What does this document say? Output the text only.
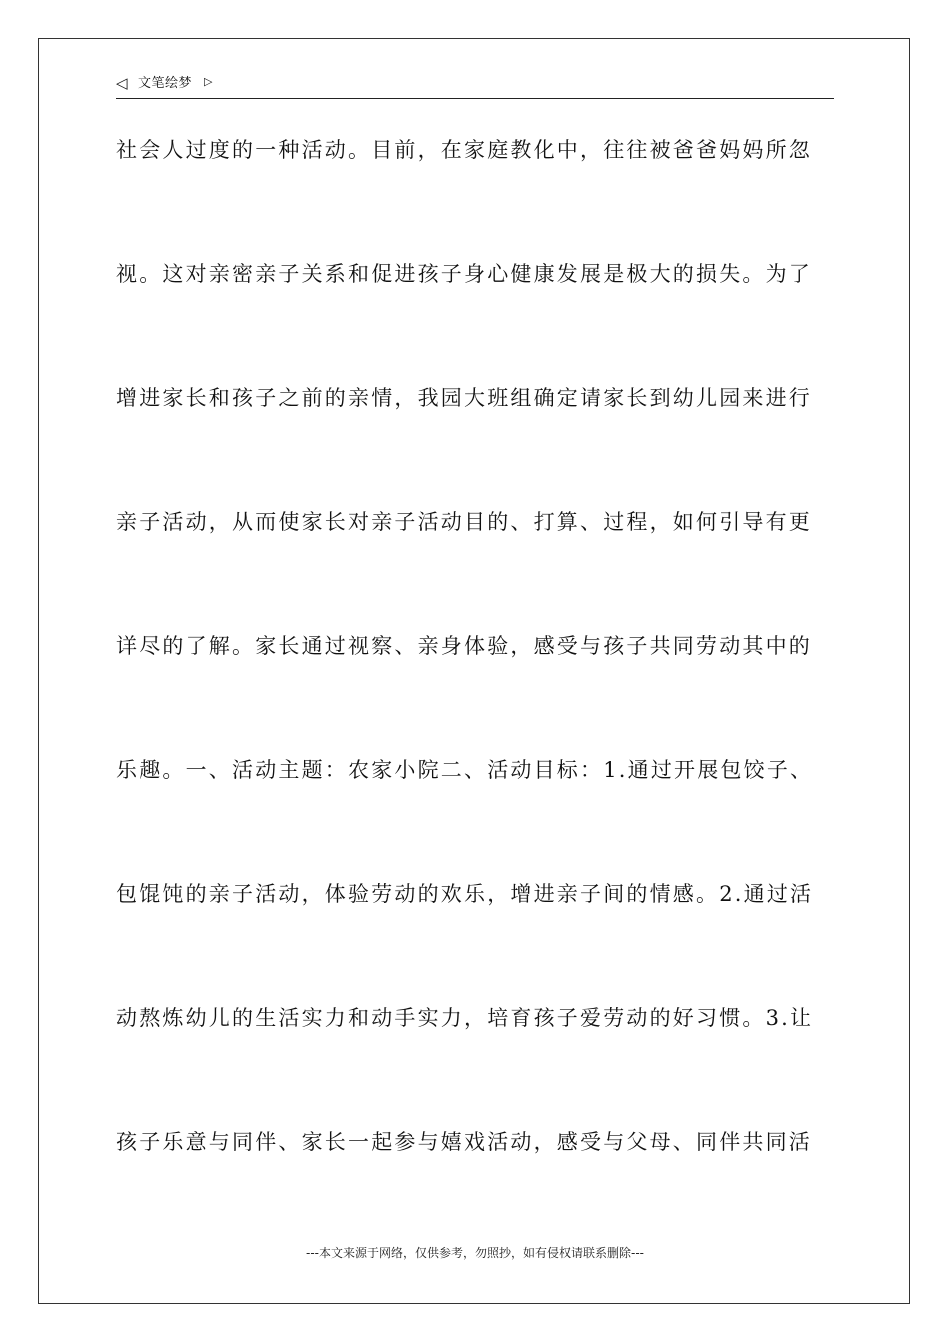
◁ 文笔绘梦 ▷
社会人过度的一种活动。目前，在家庭教化中，往往被爸爸妈妈所忽
视。这对亲密亲子关系和促进孩子身心健康发展是极大的损失。为了
增进家长和孩子之前的亲情，我园大班组确定请家长到幼儿园来进行
亲子活动，从而使家长对亲子活动目的、打算、过程，如何引导有更
详尽的了解。家长通过视察、亲身体验，感受与孩子共同劳动其中的
乐趣。一、活动主题：农家小院二、活动目标：1.通过开展包饺子、
包馄饨的亲子活动，体验劳动的欢乐，增进亲子间的情感。2.通过活
动熬炼幼儿的生活实力和动手实力，培育孩子爱劳动的好习惯。3.让
孩子乐意与同伴、家长一起参与嬉戏活动，感受与父母、同伴共同活
---本文来源于网络，仅供参考，勿照抄，如有侵权请联系删除---
